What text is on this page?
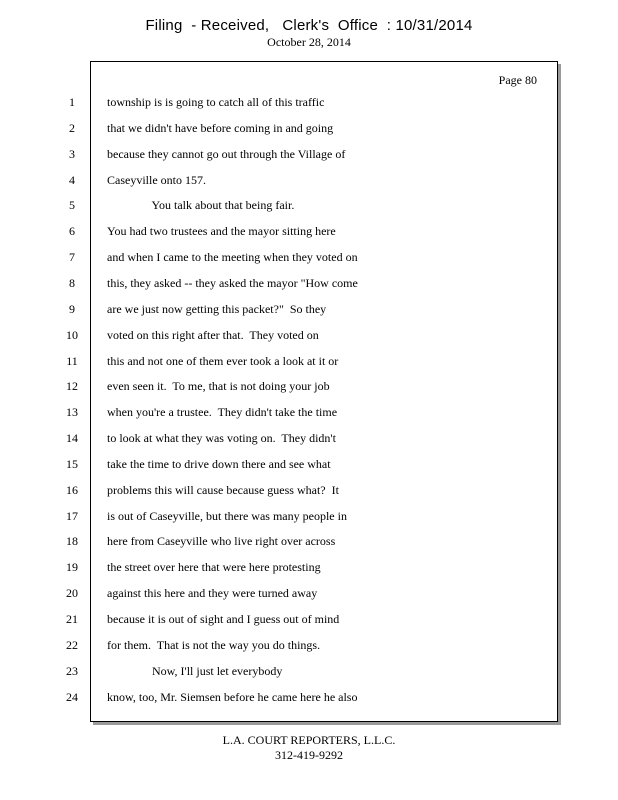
Filing  - Received,   Clerk's  Office  : 10/31/2014
October 28, 2014
Page 80
1	township is is going to catch all of this traffic
2	that we didn't have before coming in and going
3	because they cannot go out through the Village of
4	Caseyville onto 157.
5	You talk about that being fair.
6	You had two trustees and the mayor sitting here
7	and when I came to the meeting when they voted on
8	this, they asked -- they asked the mayor "How come
9	are we just now getting this packet?"  So they
10	voted on this right after that.  They voted on
11	this and not one of them ever took a look at it or
12	even seen it.  To me, that is not doing your job
13	when you're a trustee.  They didn't take the time
14	to look at what they was voting on.  They didn't
15	take the time to drive down there and see what
16	problems this will cause because guess what?  It
17	is out of Caseyville, but there was many people in
18	here from Caseyville who live right over across
19	the street over here that were here protesting
20	against this here and they were turned away
21	because it is out of sight and I guess out of mind
22	for them.  That is not the way you do things.
23	Now, I'll just let everybody
24	know, too, Mr. Siemsen before he came here he also
L.A. COURT REPORTERS, L.L.C.
312-419-9292
